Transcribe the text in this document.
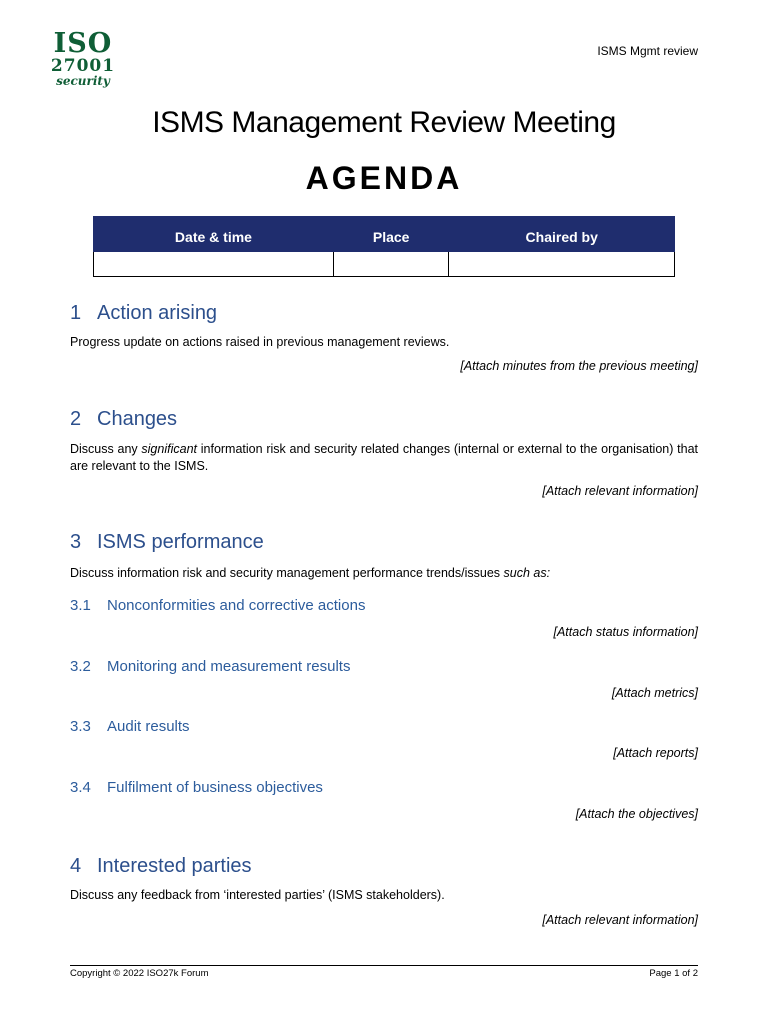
ISO
27001
security
ISMS Mgmt review
ISMS Management Review Meeting
AGENDA
Date & time	Place	Chaired by

1 Action arising
Progress update on actions raised in previous management reviews.
[Attach minutes from the previous meeting]
2 Changes
Discuss any significant information risk and security related changes (internal or external to the organisation) that are relevant to the ISMS.
[Attach relevant information]
3 ISMS performance
Discuss information risk and security management performance trends/issues such as:
3.1 Nonconformities and corrective actions
[Attach status information]
3.2 Monitoring and measurement results
[Attach metrics]
3.3 Audit results
[Attach reports]
3.4 Fulfilment of business objectives
[Attach the objectives]
4 Interested parties
Discuss any feedback from ‘interested parties’ (ISMS stakeholders).
[Attach relevant information]
Copyright © 2022 ISO27k Forum	Page 1 of 2
